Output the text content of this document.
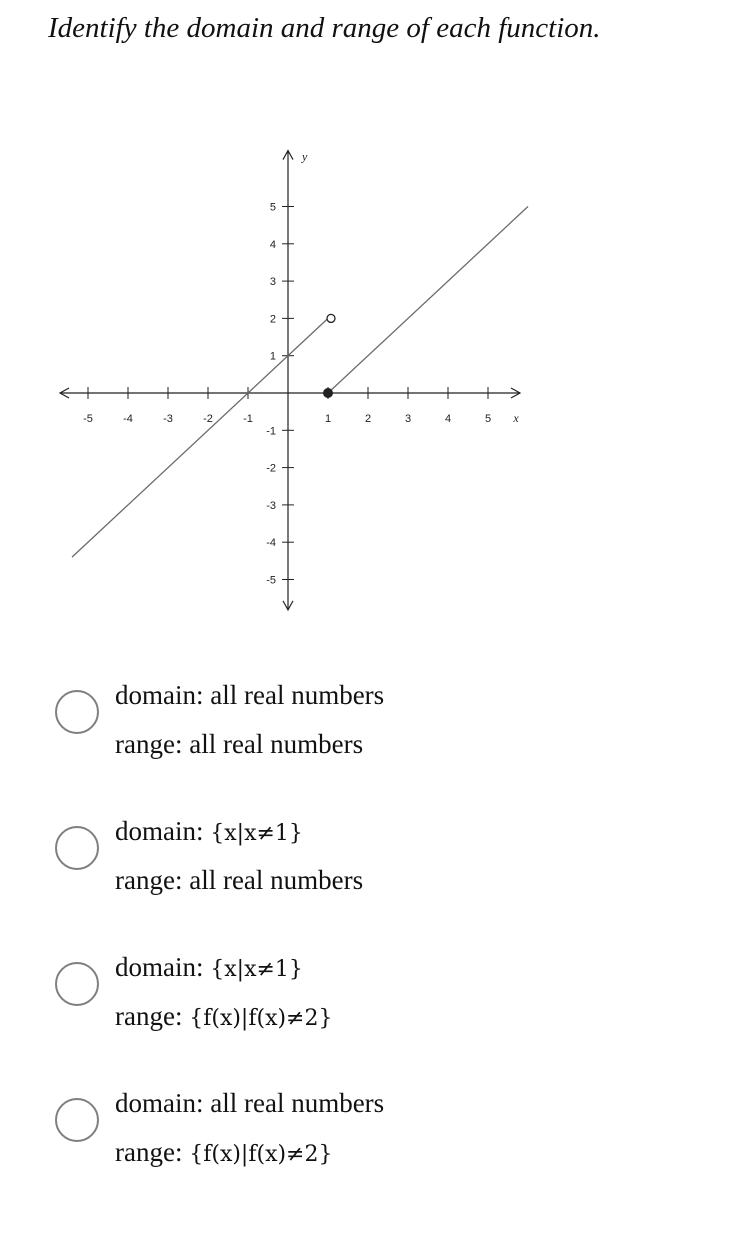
Identify the domain and range of each function.
-5	-4	-3	-2	-1	1	2	3	4	5
5
4
3
2
1
-1
-2
-3
-4
-5
x
y
domain: all real numbers
range: all real numbers
domain: {x|x≠1}
range: all real numbers
domain: {x|x≠1}
range: {f(x)|f(x)≠2}
domain: all real numbers
range: {f(x)|f(x)≠2}
